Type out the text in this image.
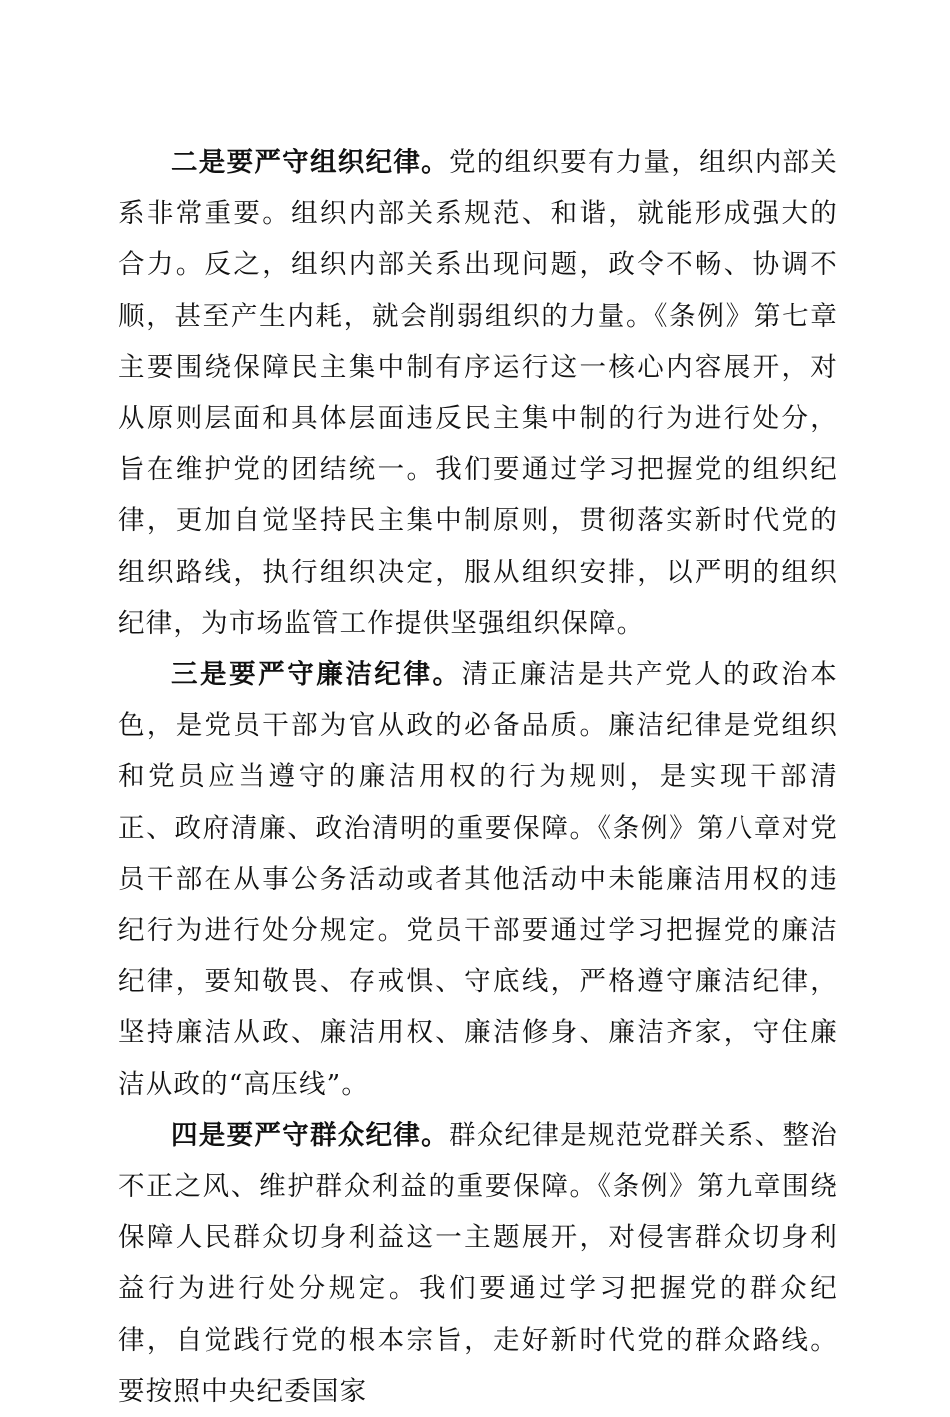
二是要严守组织纪律。党的组织要有力量，组织内部关系非常重要。组织内部关系规范、和谐，就能形成强大的合力。反之，组织内部关系出现问题，政令不畅、协调不顺，甚至产生内耗，就会削弱组织的力量。《条例》第七章主要围绕保障民主集中制有序运行这一核心内容展开，对从原则层面和具体层面违反民主集中制的行为进行处分，旨在维护党的团结统一。我们要通过学习把握党的组织纪律，更加自觉坚持民主集中制原则，贯彻落实新时代党的组织路线，执行组织决定，服从组织安排，以严明的组织纪律，为市场监管工作提供坚强组织保障。

三是要严守廉洁纪律。清正廉洁是共产党人的政治本色，是党员干部为官从政的必备品质。廉洁纪律是党组织和党员应当遵守的廉洁用权的行为规则，是实现干部清正、政府清廉、政治清明的重要保障。《条例》第八章对党员干部在从事公务活动或者其他活动中未能廉洁用权的违纪行为进行处分规定。党员干部要通过学习把握党的廉洁纪律，要知敬畏、存戒惧、守底线，严格遵守廉洁纪律，坚持廉洁从政、廉洁用权、廉洁修身、廉洁齐家，守住廉洁从政的“高压线”。

四是要严守群众纪律。群众纪律是规范党群关系、整治不正之风、维护群众利益的重要保障。《条例》第九章围绕保障人民群众切身利益这一主题展开，对侵害群众切身利益行为进行处分规定。我们要通过学习把握党的群众纪律，自觉践行党的根本宗旨，走好新时代党的群众路线。要按照中央纪委国家
